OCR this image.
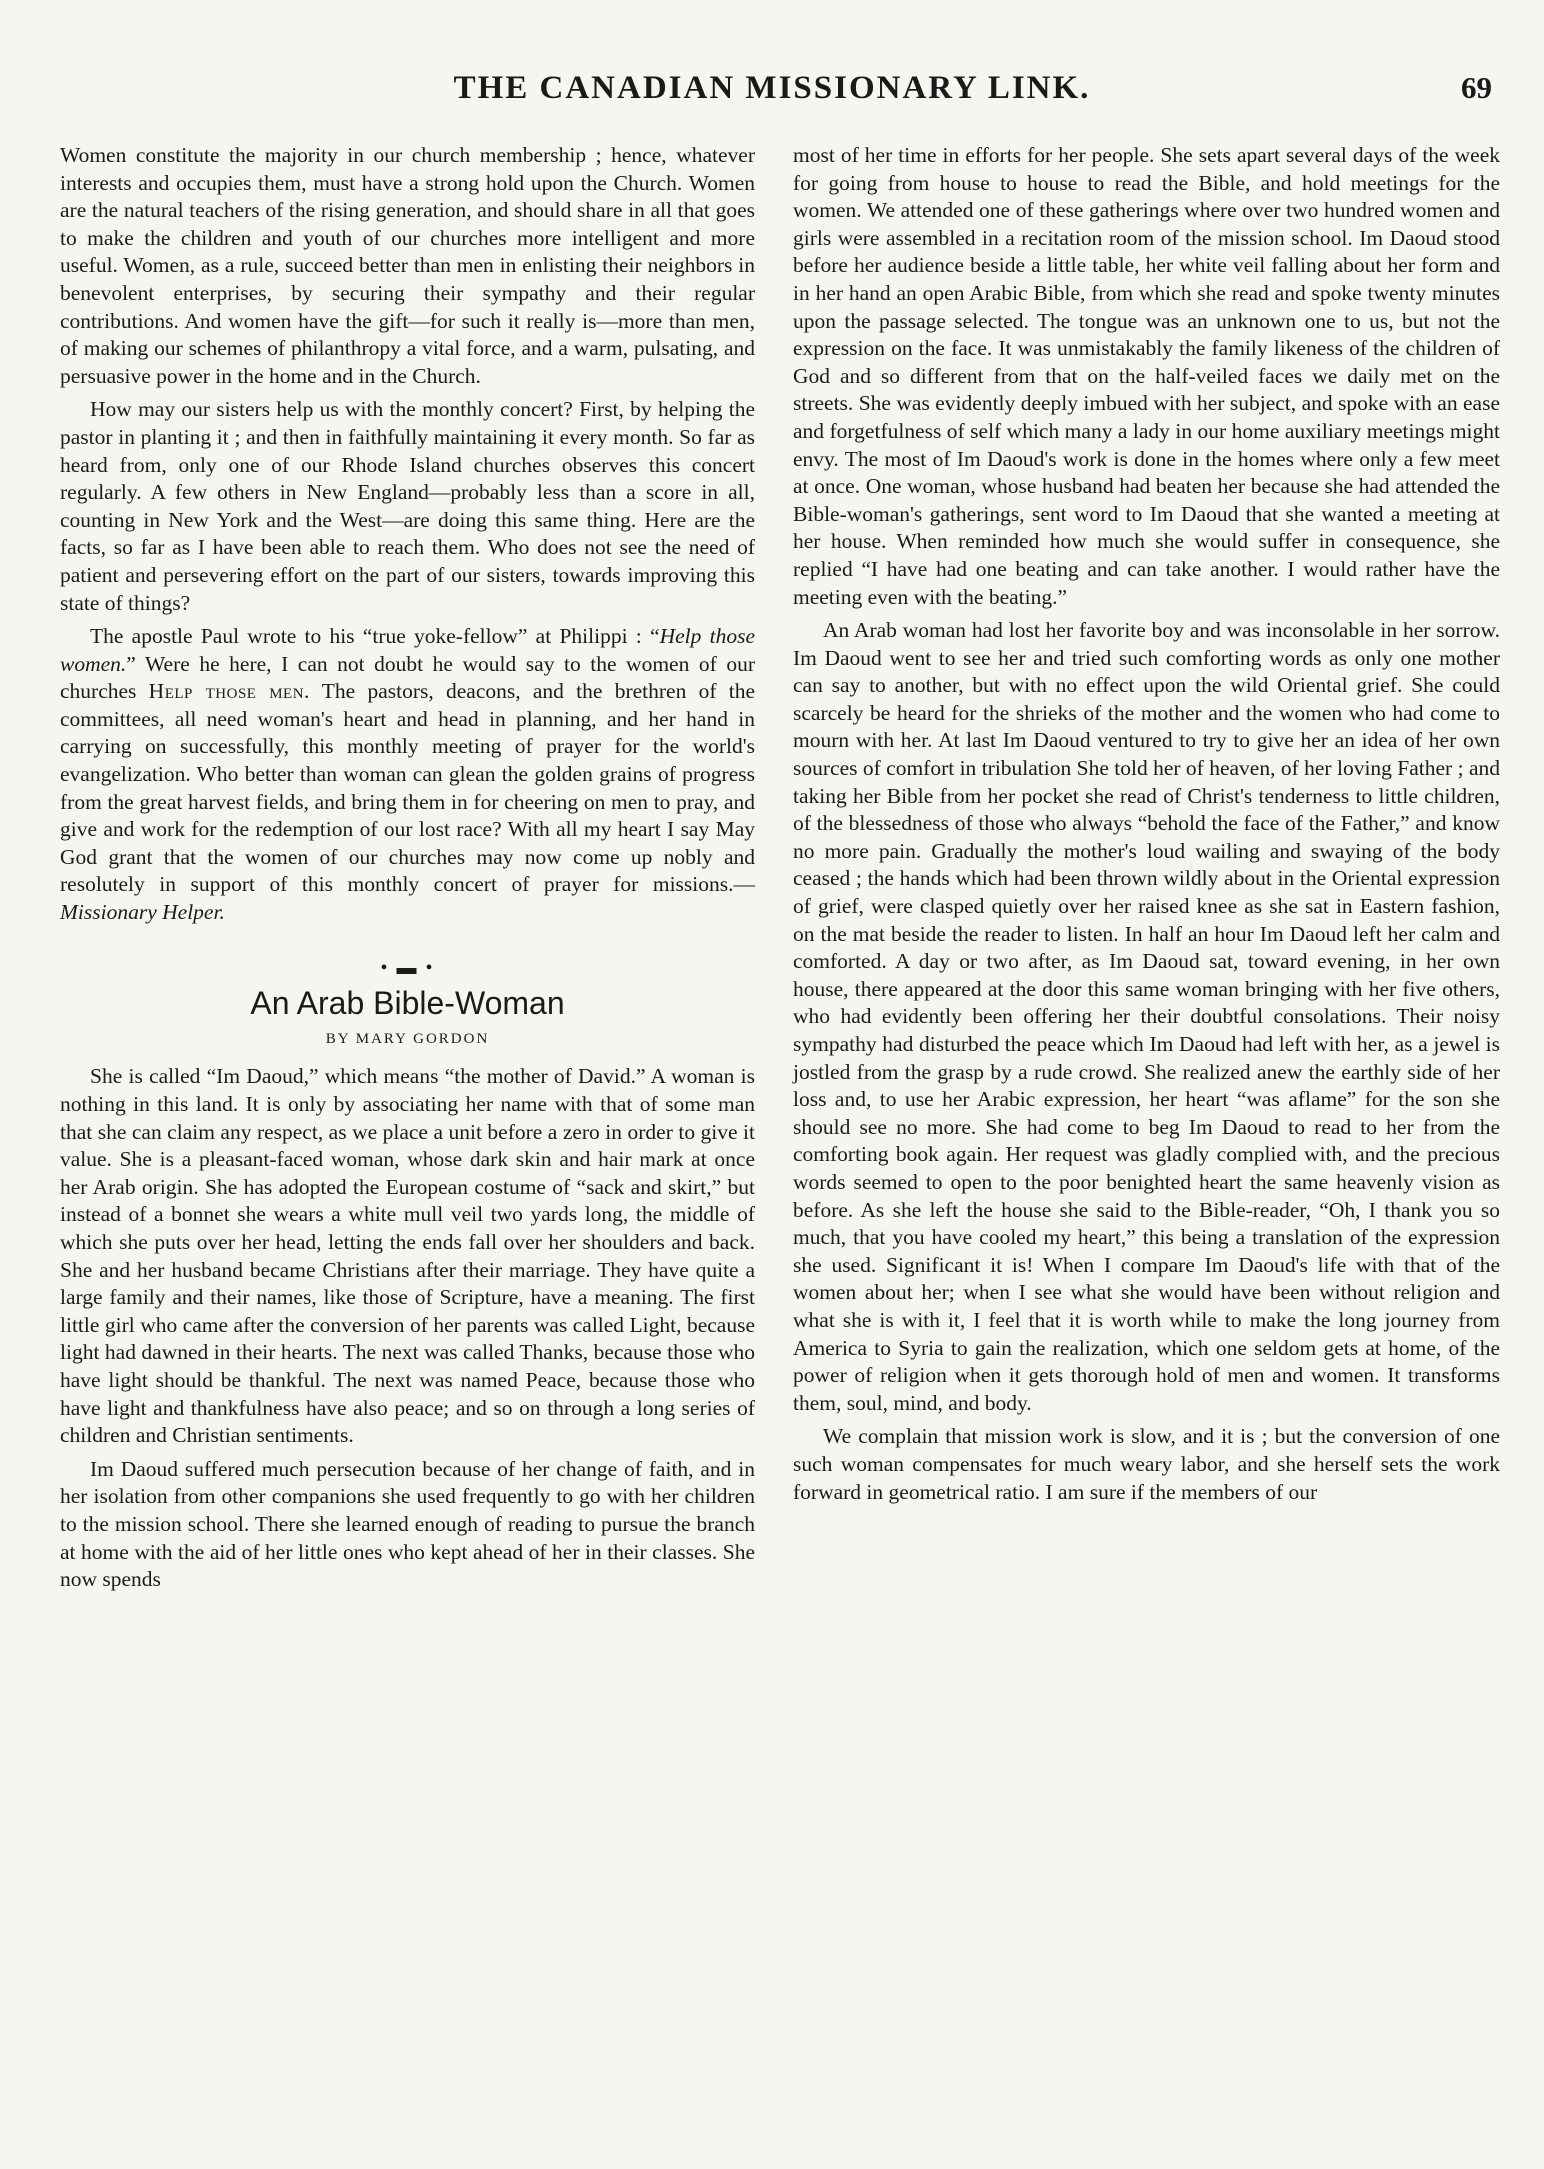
THE CANADIAN MISSIONARY LINK.	69

Women constitute the majority in our church membership ; hence, whatever interests and occupies them, must have a strong hold upon the Church. Women are the natural teachers of the rising generation, and should share in all that goes to make the children and youth of our churches more intelligent and more useful. Women, as a rule, succeed better than men in enlisting their neighbors in benevolent enterprises, by securing their sympathy and their regular contributions. And women have the gift—for such it really is—more than men, of making our schemes of philanthropy a vital force, and a warm, pulsating, and persuasive power in the home and in the Church.

How may our sisters help us with the monthly concert? First, by helping the pastor in planting it ; and then in faithfully maintaining it every month. So far as heard from, only one of our Rhode Island churches observes this concert regularly. A few others in New England—probably less than a score in all, counting in New York and the West—are doing this same thing. Here are the facts, so far as I have been able to reach them. Who does not see the need of patient and persevering effort on the part of our sisters, towards improving this state of things?

The apostle Paul wrote to his “true yoke-fellow” at Philippi : “Help those women.” Were he here, I can not doubt he would say to the women of our churches Help those men. The pastors, deacons, and the brethren of the committees, all need woman's heart and head in planning, and her hand in carrying on successfully, this monthly meeting of prayer for the world's evangelization. Who better than woman can glean the golden grains of progress from the great harvest fields, and bring them in for cheering on men to pray, and give and work for the redemption of our lost race? With all my heart I say May God grant that the women of our churches may now come up nobly and resolutely in support of this monthly concert of prayer for missions.—Missionary Helper.

• ▬ •
An Arab Bible-Woman
BY MARY GORDON

She is called “Im Daoud,” which means “the mother of David.” A woman is nothing in this land. It is only by associating her name with that of some man that she can claim any respect, as we place a unit before a zero in order to give it value. She is a pleasant-faced woman, whose dark skin and hair mark at once her Arab origin. She has adopted the European costume of “sack and skirt,” but instead of a bonnet she wears a white mull veil two yards long, the middle of which she puts over her head, letting the ends fall over her shoulders and back. She and her husband became Christians after their marriage. They have quite a large family and their names, like those of Scripture, have a meaning. The first little girl who came after the conversion of her parents was called Light, because light had dawned in their hearts. The next was called Thanks, because those who have light should be thankful. The next was named Peace, because those who have light and thankfulness have also peace; and so on through a long series of children and Christian sentiments.

Im Daoud suffered much persecution because of her change of faith, and in her isolation from other companions she used frequently to go with her children to the mission school. There she learned enough of reading to pursue the branch at home with the aid of her little ones who kept ahead of her in their classes. She now spends

most of her time in efforts for her people. She sets apart several days of the week for going from house to house to read the Bible, and hold meetings for the women. We attended one of these gatherings where over two hundred women and girls were assembled in a recitation room of the mission school. Im Daoud stood before her audience beside a little table, her white veil falling about her form and in her hand an open Arabic Bible, from which she read and spoke twenty minutes upon the passage selected. The tongue was an unknown one to us, but not the expression on the face. It was unmistakably the family likeness of the children of God and so different from that on the half-veiled faces we daily met on the streets. She was evidently deeply imbued with her subject, and spoke with an ease and forgetfulness of self which many a lady in our home auxiliary meetings might envy. The most of Im Daoud's work is done in the homes where only a few meet at once. One woman, whose husband had beaten her because she had attended the Bible-woman's gatherings, sent word to Im Daoud that she wanted a meeting at her house. When reminded how much she would suffer in consequence, she replied “I have had one beating and can take another. I would rather have the meeting even with the beating.”

An Arab woman had lost her favorite boy and was inconsolable in her sorrow. Im Daoud went to see her and tried such comforting words as only one mother can say to another, but with no effect upon the wild Oriental grief. She could scarcely be heard for the shrieks of the mother and the women who had come to mourn with her. At last Im Daoud ventured to try to give her an idea of her own sources of comfort in tribulation She told her of heaven, of her loving Father ; and taking her Bible from her pocket she read of Christ's tenderness to little children, of the blessedness of those who always “behold the face of the Father,” and know no more pain. Gradually the mother's loud wailing and swaying of the body ceased ; the hands which had been thrown wildly about in the Oriental expression of grief, were clasped quietly over her raised knee as she sat in Eastern fashion, on the mat beside the reader to listen. In half an hour Im Daoud left her calm and comforted. A day or two after, as Im Daoud sat, toward evening, in her own house, there appeared at the door this same woman bringing with her five others, who had evidently been offering her their doubtful consolations. Their noisy sympathy had disturbed the peace which Im Daoud had left with her, as a jewel is jostled from the grasp by a rude crowd. She realized anew the earthly side of her loss and, to use her Arabic expression, her heart “was aflame” for the son she should see no more. She had come to beg Im Daoud to read to her from the comforting book again. Her request was gladly complied with, and the precious words seemed to open to the poor benighted heart the same heavenly vision as before. As she left the house she said to the Bible-reader, “Oh, I thank you so much, that you have cooled my heart,” this being a translation of the expression she used. Significant it is! When I compare Im Daoud's life with that of the women about her; when I see what she would have been without religion and what she is with it, I feel that it is worth while to make the long journey from America to Syria to gain the realization, which one seldom gets at home, of the power of religion when it gets thorough hold of men and women. It transforms them, soul, mind, and body.

We complain that mission work is slow, and it is ; but the conversion of one such woman compensates for much weary labor, and she herself sets the work forward in geometrical ratio. I am sure if the members of our
